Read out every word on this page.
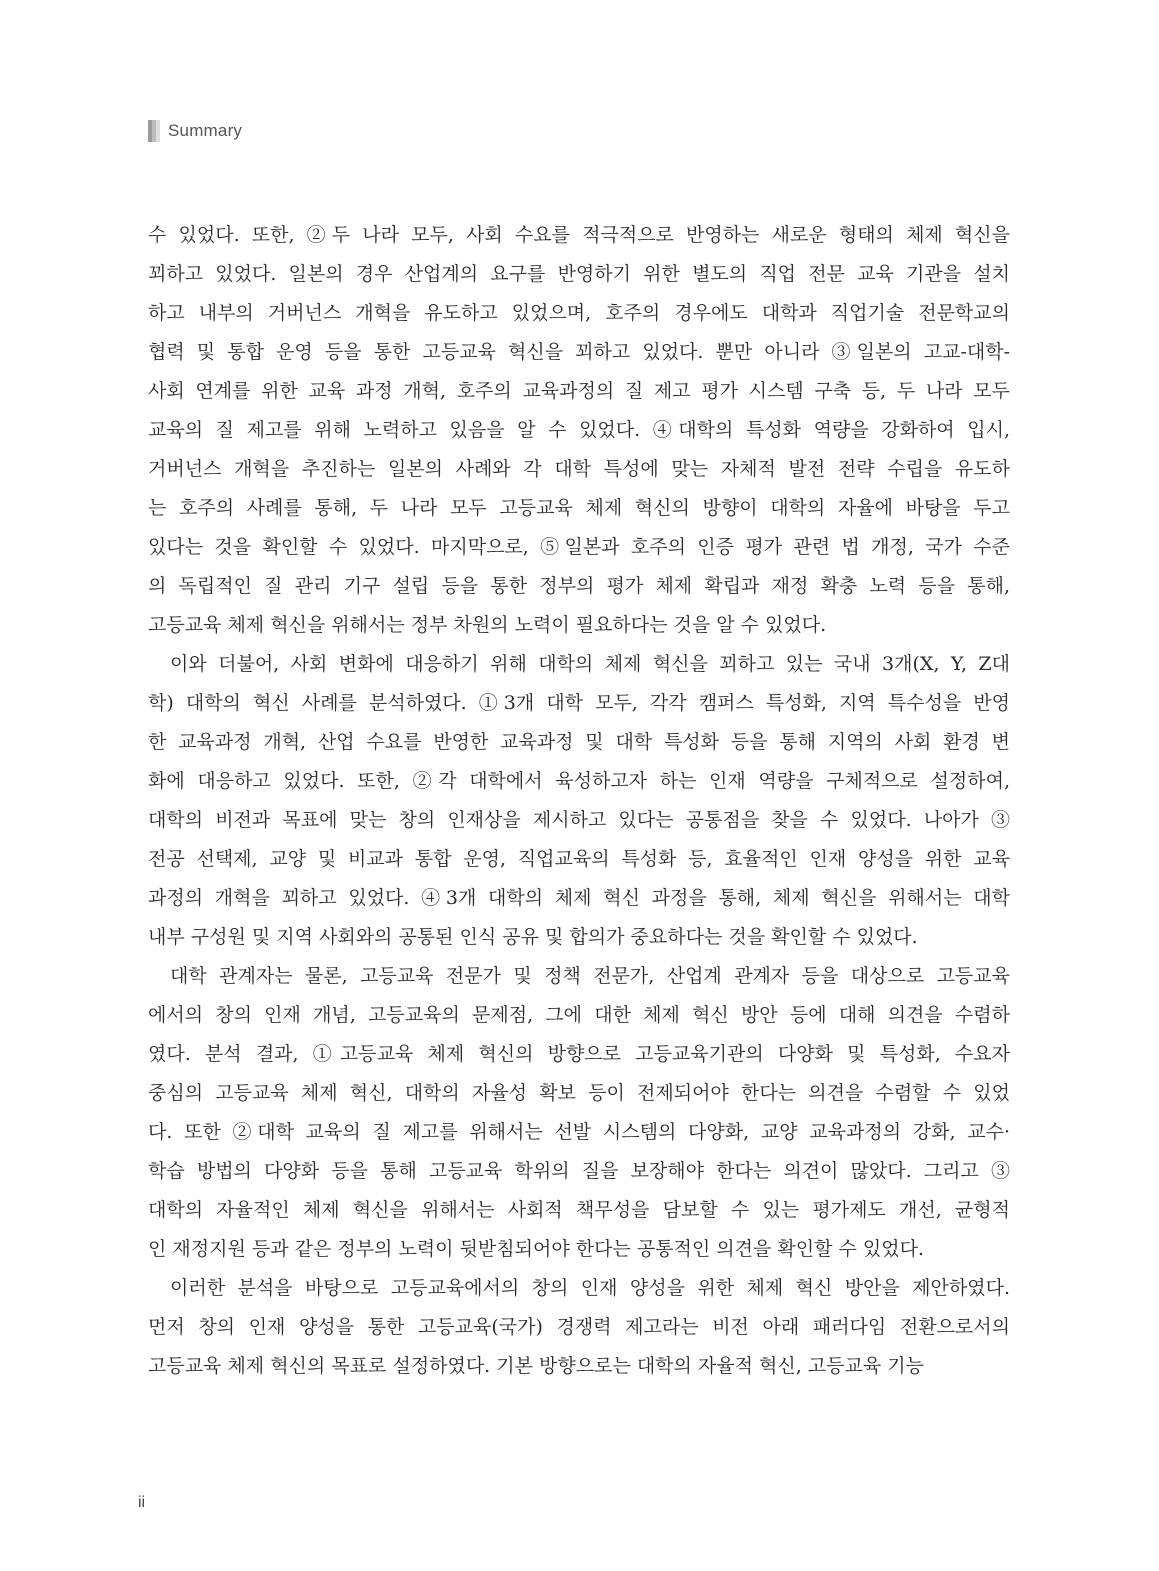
Summary
수 있었다. 또한, ②두 나라 모두, 사회 수요를 적극적으로 반영하는 새로운 형태의 체제 혁신을
꾀하고 있었다. 일본의 경우 산업계의 요구를 반영하기 위한 별도의 직업 전문 교육 기관을 설치
하고 내부의 거버넌스 개혁을 유도하고 있었으며, 호주의 경우에도 대학과 직업기술 전문학교의
협력 및 통합 운영 등을 통한 고등교육 혁신을 꾀하고 있었다. 뿐만 아니라 ③일본의 고교-대학-
사회 연계를 위한 교육 과정 개혁, 호주의 교육과정의 질 제고 평가 시스템 구축 등, 두 나라 모두
교육의 질 제고를 위해 노력하고 있음을 알 수 있었다. ④대학의 특성화 역량을 강화하여 입시,
거버넌스 개혁을 추진하는 일본의 사례와 각 대학 특성에 맞는 자체적 발전 전략 수립을 유도하
는 호주의 사례를 통해, 두 나라 모두 고등교육 체제 혁신의 방향이 대학의 자율에 바탕을 두고
있다는 것을 확인할 수 있었다. 마지막으로, ⑤일본과 호주의 인증 평가 관련 법 개정, 국가 수준
의 독립적인 질 관리 기구 설립 등을 통한 정부의 평가 체제 확립과 재정 확충 노력 등을 통해,
고등교육 체제 혁신을 위해서는 정부 차원의 노력이 필요하다는 것을 알 수 있었다.
이와 더불어, 사회 변화에 대응하기 위해 대학의 체제 혁신을 꾀하고 있는 국내 3개(X, Y, Z대
학) 대학의 혁신 사례를 분석하였다. ①3개 대학 모두, 각각 캠퍼스 특성화, 지역 특수성을 반영
한 교육과정 개혁, 산업 수요를 반영한 교육과정 및 대학 특성화 등을 통해 지역의 사회 환경 변
화에 대응하고 있었다. 또한, ②각 대학에서 육성하고자 하는 인재 역량을 구체적으로 설정하여,
대학의 비전과 목표에 맞는 창의 인재상을 제시하고 있다는 공통점을 찾을 수 있었다. 나아가 ③
전공 선택제, 교양 및 비교과 통합 운영, 직업교육의 특성화 등, 효율적인 인재 양성을 위한 교육
과정의 개혁을 꾀하고 있었다. ④3개 대학의 체제 혁신 과정을 통해, 체제 혁신을 위해서는 대학
내부 구성원 및 지역 사회와의 공통된 인식 공유 및 합의가 중요하다는 것을 확인할 수 있었다.
대학 관계자는 물론, 고등교육 전문가 및 정책 전문가, 산업계 관계자 등을 대상으로 고등교육
에서의 창의 인재 개념, 고등교육의 문제점, 그에 대한 체제 혁신 방안 등에 대해 의견을 수렴하
였다. 분석 결과, ①고등교육 체제 혁신의 방향으로 고등교육기관의 다양화 및 특성화, 수요자
중심의 고등교육 체제 혁신, 대학의 자율성 확보 등이 전제되어야 한다는 의견을 수렴할 수 있었
다. 또한 ②대학 교육의 질 제고를 위해서는 선발 시스템의 다양화, 교양 교육과정의 강화, 교수·
학습 방법의 다양화 등을 통해 고등교육 학위의 질을 보장해야 한다는 의견이 많았다. 그리고 ③
대학의 자율적인 체제 혁신을 위해서는 사회적 책무성을 담보할 수 있는 평가제도 개선, 균형적
인 재정지원 등과 같은 정부의 노력이 뒷받침되어야 한다는 공통적인 의견을 확인할 수 있었다.
이러한 분석을 바탕으로 고등교육에서의 창의 인재 양성을 위한 체제 혁신 방안을 제안하였다.
먼저 창의 인재 양성을 통한 고등교육(국가) 경쟁력 제고라는 비전 아래 패러다임 전환으로서의
고등교육 체제 혁신의 목표로 설정하였다. 기본 방향으로는 대학의 자율적 혁신, 고등교육 기능
ii
